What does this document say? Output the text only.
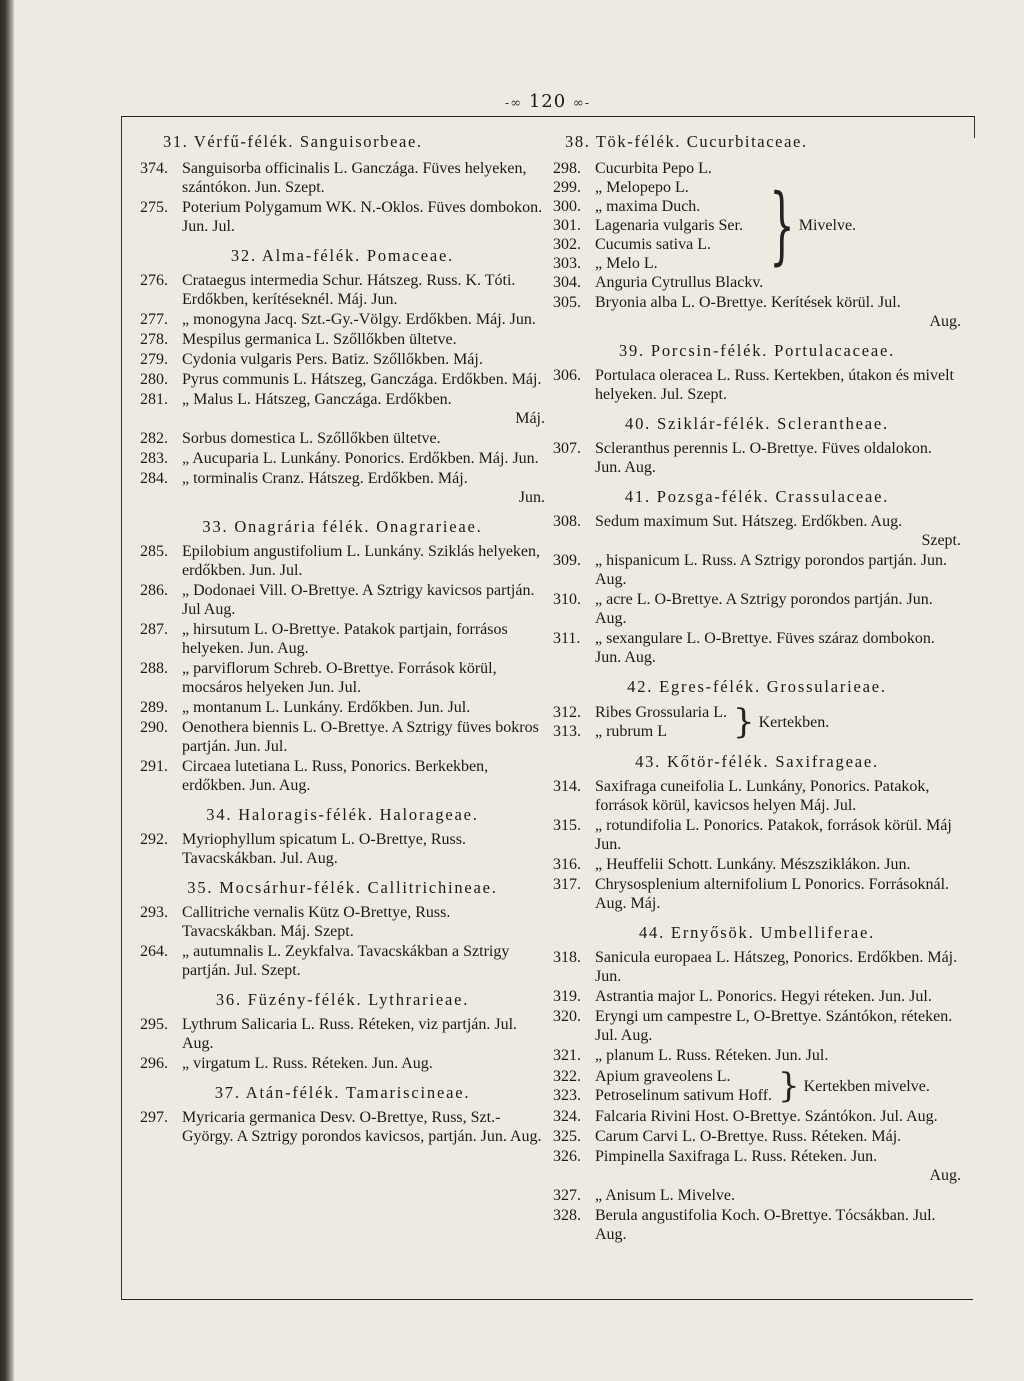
-∞ 120 ∞-
31. Vérfű-félék. Sanguisorbeae.
374. Sanguisorba officinalis L. Ganczága. Füves helyeken, szántókon. Jun. Szept.
275. Poterium Polygamum WK. N.-Oklos. Füves dombokon. Jun. Jul.
32. Alma-félék. Pomaceae.
276. Crataegus intermedia Schur. Hátszeg. Russ. K. Tóti. Erdőkben, kerítéseknél. Máj. Jun.
277. „ monogyna Jacq. Szt.-Gy.-Völgy. Erdőkben. Máj. Jun.
278. Mespilus germanica L. Szőllőkben ültetve.
279. Cydonia vulgaris Pers. Batiz. Szőllőkben. Máj.
280. Pyrus communis L. Hátszeg, Ganczága. Erdőkben. Máj.
281. „ Malus L. Hátszeg, Ganczága. Erdőkben.
Máj.
282. Sorbus domestica L. Szőllőkben ültetve.
283. „ Aucuparia L. Lunkány. Ponorics. Erdőkben. Máj. Jun.
284. „ torminalis Cranz. Hátszeg. Erdőkben. Máj.
Jun.
33. Onagrária félék. Onagrarieae.
285. Epilobium angustifolium L. Lunkány. Sziklás helyeken, erdőkben. Jun. Jul.
286. „ Dodonaei Vill. O-Brettye. A Sztrigy kavicsos partján. Jul Aug.
287. „ hirsutum L. O-Brettye. Patakok partjain, forrásos helyeken. Jun. Aug.
288. „ parviflorum Schreb. O-Brettye. Források körül, mocsáros helyeken Jun. Jul.
289. „ montanum L. Lunkány. Erdőkben. Jun. Jul.
290. Oenothera biennis L. O-Brettye. A Sztrigy füves bokros partján. Jun. Jul.
291. Circaea lutetiana L. Russ, Ponorics. Berkekben, erdőkben. Jun. Aug.
34. Haloragis-félék. Halorageae.
292. Myriophyllum spicatum L. O-Brettye, Russ. Tavacskákban. Jul. Aug.
35. Mocsárhur-félék. Callitrichineae.
293. Callitriche vernalis Kütz O-Brettye, Russ. Tavacskákban. Máj. Szept.
264. „ autumnalis L. Zeykfalva. Tavacskákban a Sztrigy partján. Jul. Szept.
36. Füzény-félék. Lythrarieae.
295. Lythrum Salicaria L. Russ. Réteken, viz partján. Jul. Aug.
296. „ virgatum L. Russ. Réteken. Jun. Aug.
37. Atán-félék. Tamariscineae.
297. Myricaria germanica Desv. O-Brettye, Russ, Szt.-György. A Sztrigy porondos kavicsos, partján. Jun. Aug.
38. Tök-félék. Cucurbitaceae.
298. Cucurbita Pepo L.
299. „ Melopepo L.
300. „ maxima Duch.
301. Lagenaria vulgaris Ser.
302. Cucumis sativa L.
303. „ Melo L.
304. Anguria Cytrullus Blackv.
} Mivelve.
305. Bryonia alba L. O-Brettye. Kerítések körül. Jul.
Aug.
39. Porcsin-félék. Portulacaceae.
306. Portulaca oleracea L. Russ. Kertekben, útakon és mivelt helyeken. Jul. Szept.
40. Sziklár-félék. Scleranthеae.
307. Scleranthus perennis L. O-Brettye. Füves oldalokon. Jun. Aug.
41. Pozsga-félék. Crassulaceae.
308. Sedum maximum Sut. Hátszeg. Erdőkben. Aug.
Szept.
309. „ hispanicum L. Russ. A Sztrigy porondos partján. Jun. Aug.
310. „ acre L. O-Brettye. A Sztrigy porondos partján. Jun. Aug.
311. „ sexangulare L. O-Brettye. Füves száraz dombokon. Jun. Aug.
42. Egres-félék. Grossularieae.
312. Ribes Grossularia L.
313. „ rubrum L	} Kertekben.
43. Kőtör-félék. Saxifrageae.
314. Saxifraga cuneifolia L. Lunkány, Ponorics. Patakok, források körül, kavicsos helyen Máj. Jul.
315. „ rotundifolia L. Ponorics. Patakok, források körül. Máj Jun.
316. „ Heuffelii Schott. Lunkány. Mészsziklákon. Jun.
317. Chrysosplenium alternifolium L Ponorics. Forrásoknál. Aug. Máj.
44. Ernyősök. Umbelliferae.
318. Sanicula europaea L. Hátszeg, Ponorics. Erdőkben. Máj. Jun.
319. Astrantia major L. Ponorics. Hegyi réteken. Jun. Jul.
320. Eryngi um campestre L, O-Brettye. Szántókon, réteken. Jul. Aug.
321. „ planum L. Russ. Réteken. Jun. Jul.
322. Apium graveolens L.
323. Petroselinum sativum Hoff. } Kertekben mivelve.
324. Falcaria Rivini Host. O-Brettye. Szántókon. Jul. Aug.
325. Carum Carvi L. O-Brettye. Russ. Réteken. Máj.
326. Pimpinella Saxifraga L. Russ. Réteken. Jun.
Aug.
327. „ Anisum L. Mivelve.
328. Berula angustifolia Koch. O-Brettye. Tócsákban. Jul. Aug.
